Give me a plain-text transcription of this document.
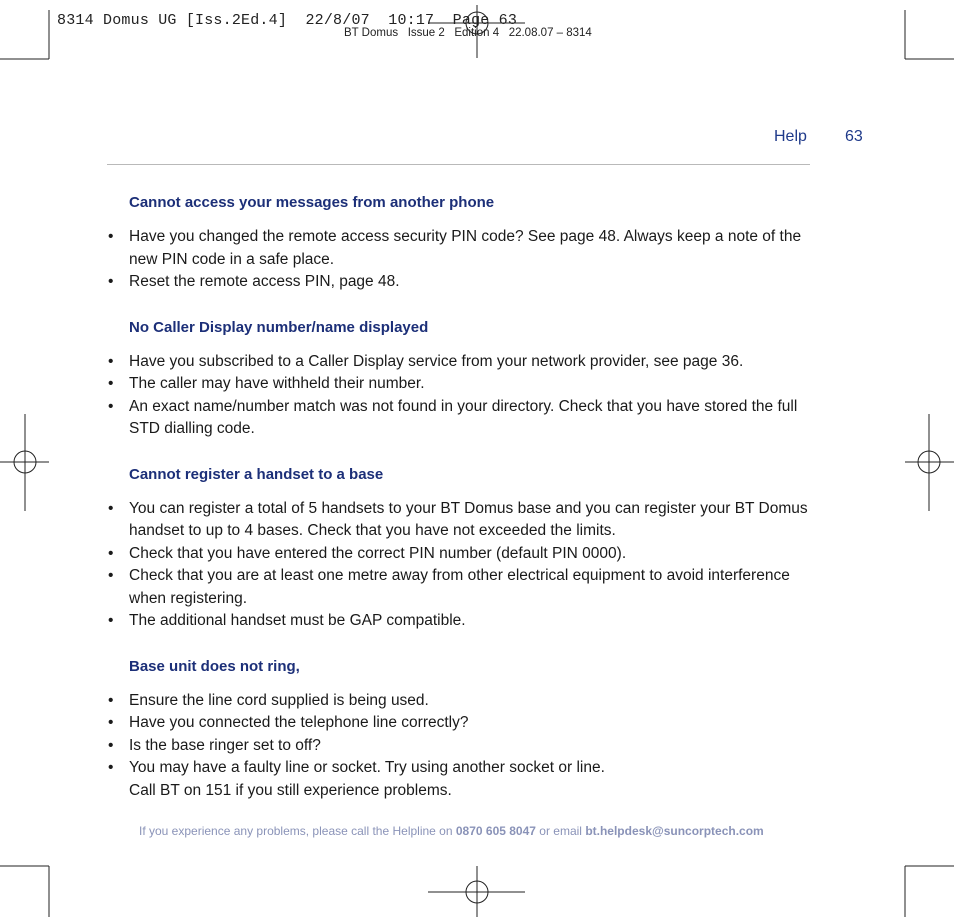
8314 Domus UG [Iss.2Ed.4]  22/8/07  10:17  Page 63
BT Domus   Issue 2   Edition 4   22.08.07 – 8314
Help 63
Cannot access your messages from another phone
• Have you changed the remote access security PIN code? See page 48. Always keep a note of the new PIN code in a safe place.
• Reset the remote access PIN, page 48.
No Caller Display number/name displayed
• Have you subscribed to a Caller Display service from your network provider, see page 36.
• The caller may have withheld their number.
• An exact name/number match was not found in your directory. Check that you have stored the full STD dialling code.
Cannot register a handset to a base
• You can register a total of 5 handsets to your BT Domus base and you can register your BT Domus handset to up to 4 bases. Check that you have not exceeded the limits.
• Check that you have entered the correct PIN number (default PIN 0000).
• Check that you are at least one metre away from other electrical equipment to avoid interference when registering.
• The additional handset must be GAP compatible.
Base unit does not ring,
• Ensure the line cord supplied is being used.
• Have you connected the telephone line correctly?
• Is the base ringer set to off?
• You may have a faulty line or socket. Try using another socket or line.
Call BT on 151 if you still experience problems.
If you experience any problems, please call the Helpline on 0870 605 8047 or email bt.helpdesk@suncorptech.com
